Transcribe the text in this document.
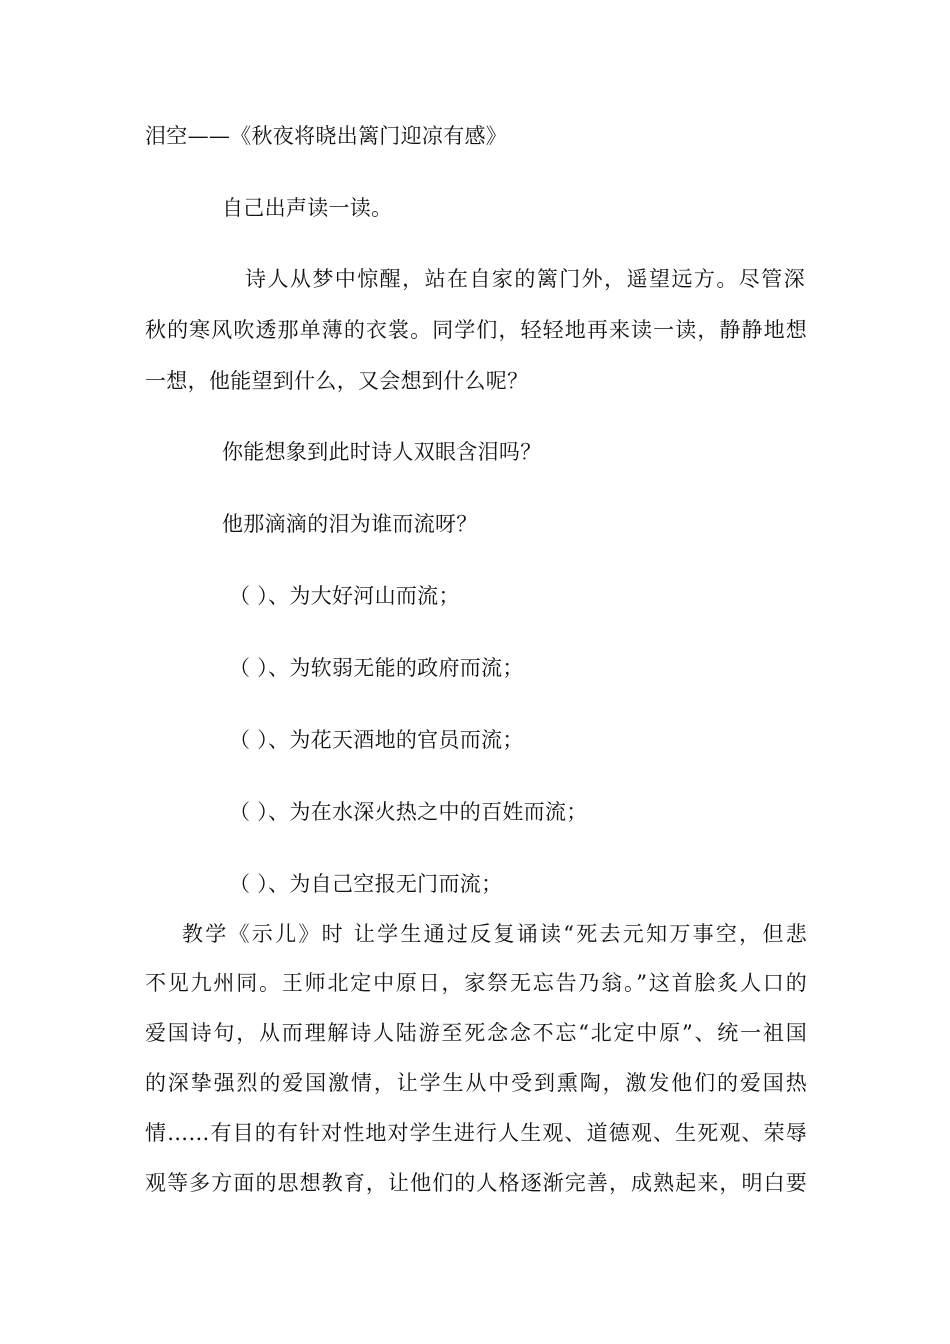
泪空——《秋夜将晓出篱门迎凉有感》
自己出声读一读。
诗人从梦中惊醒，站在自家的篱门外，遥望远方。尽管深
秋的寒风吹透那单薄的衣裳。同学们，轻轻地再来读一读，静静地想
一想，他能望到什么，又会想到什么呢？
你能想象到此时诗人双眼含泪吗？
他那滴滴的泪为谁而流呀？
（ ）、为大好河山而流；
（ ）、为软弱无能的政府而流；
（ ）、为花天酒地的官员而流；
（ ）、为在水深火热之中的百姓而流；
（ ）、为自己空报无门而流；
教学《示儿》时 让学生通过反复诵读“死去元知万事空，但悲
不见九州同。王师北定中原日，家祭无忘告乃翁。”这首脍炙人口的
爱国诗句，从而理解诗人陆游至死念念不忘“北定中原”、统一祖国
的深挚强烈的爱国激情，让学生从中受到熏陶，激发他们的爱国热
情……有目的有针对性地对学生进行人生观、道德观、生死观、荣辱
观等多方面的思想教育，让他们的人格逐渐完善，成熟起来，明白要
